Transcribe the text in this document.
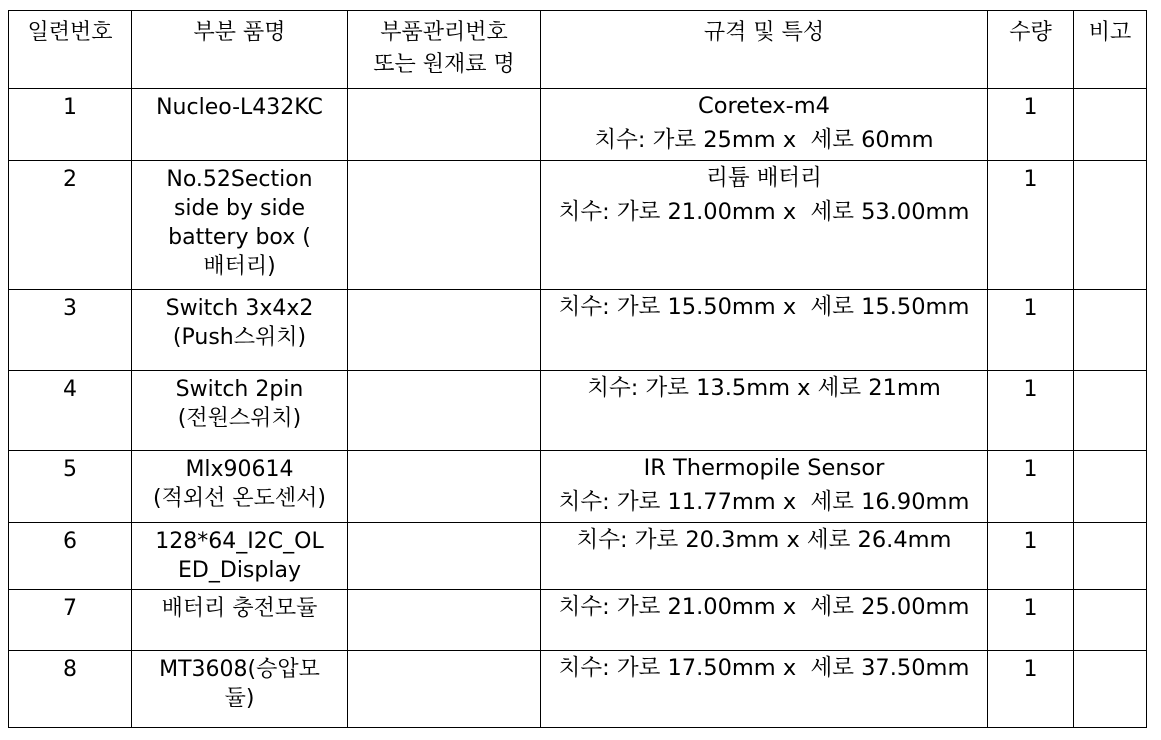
일련번호	부분 품명	부품관리번호
또는 원재료 명	규격 및 특성	수량	비고

1	Nucleo-L432KC		Coretex-m4
치수: 가로 25mm x  세로 60mm	1	

2	No.52Section
side by side
battery box (
배터리)		리튬 배터리
치수: 가로 21.00mm x  세로 53.00mm	1	

3	Switch 3x4x2
(Push스위치)		치수: 가로 15.50mm x  세로 15.50mm	1	

4	Switch 2pin
(전원스위치)		치수: 가로 13.5mm x 세로 21mm	1	

5	Mlx90614
(적외선 온도센서)		IR Thermopile Sensor
치수: 가로 11.77mm x  세로 16.90mm	1	

6	128*64_I2C_OL
ED_Display		치수: 가로 20.3mm x 세로 26.4mm	1	

7	배터리 충전모듈		치수: 가로 21.00mm x  세로 25.00mm	1	

8	MT3608(승압모
듈)		치수: 가로 17.50mm x  세로 37.50mm	1	
